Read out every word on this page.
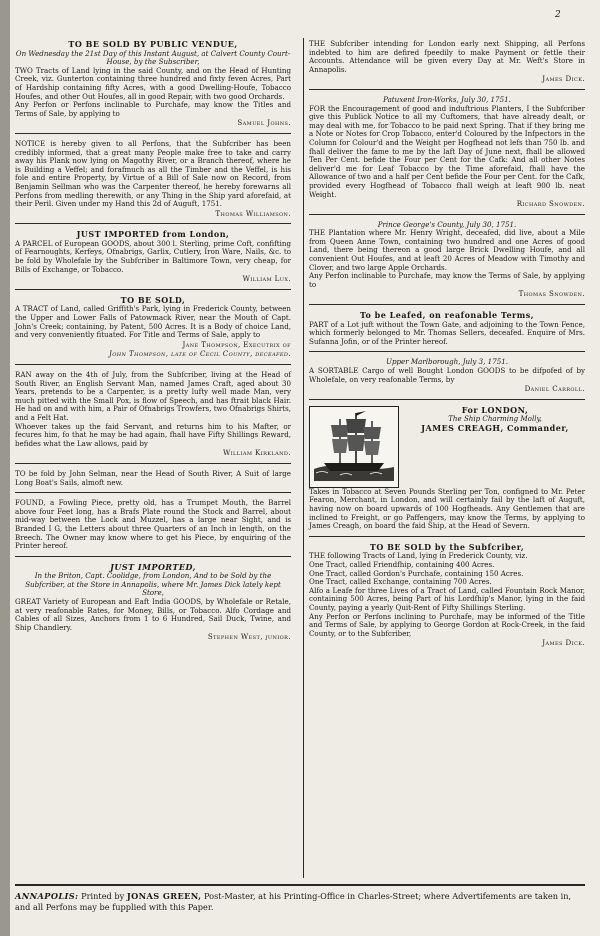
2
TO BE SOLD BY PUBLIC VENDUE,
On Wednesday the 21st Day of this Instant August, at Calvert County Court-House, by the Subscriber,
TWO Tracts of Land lying in the said County, and on the Head of Hunting Creek, viz. Gunterton containing three hundred and fixty feven Acres, Part of Hardship containing fifty Acres, with a good Dwelling-Houfe, Tobacco Houfes, and other Out Houfes, all in good Repair, with two good Orchards.
Any Perfon or Perfons inclinable to Purchafe, may know the Titles and Terms of Sale, by applying to
Samuel Johns.
NOTICE is hereby given to all Perfons, that the Subfcriber has been credibly informed, that a great many People make free to take and carry away his Plank now lying on Magothy River, or a Branch thereof, where he is Building a Veffel; and forafmuch as all the Timber and the Veffel, is his fole and entire Property, by Virtue of a Bill of Sale now on Record, from Benjamin Sellman who was the Carpenter thereof, he hereby forewarns all Perfons from medling therewith, or any Thing in the Ship yard aforefaid, at their Peril. Given under my Hand this 2d of Auguft, 1751.
Thomas Williamson.
JUST IMPORTED from London,
A PARCEL of European GOODS, about 300 l. Sterling, prime Coft, confifting of Fearnoughts, Kerfeys, Ofnabrigs, Garlix, Cutlery, Iron Ware, Nails, &c. to be fold by Wholefale by the Subfcriber in Baltimore Town, very cheap, for Bills of Exchange, or Tobacco.
William Lux.
TO BE SOLD,
A TRACT of Land, called Griffith's Park, lying in Frederick County, between the Upper and Lower Falls of Patowmack River, near the Mouth of Capt. John's Creek; containing, by Patent, 500 Acres. It is a Body of choice Land, and very conveniently fituated. For Title and Terms of Sale, apply to
Jane Thompson, Executrix of
John Thompson, late of Cecil County, deceafed.
RAN away on the 4th of July, from the Subfcriber, living at the Head of South River, an English Servant Man, named James Craft, aged about 30 Years, pretends to be a Carpenter, is a pretty lufty well made Man, very much pitted with the Small Pox, is flow of Speech, and has ftrait black Hair. He had on and with him, a Pair of Ofnabrigs Trowfers, two Ofnabrigs Shirts, and a Felt Hat.
Whoever takes up the faid Servant, and returns him to his Mafter, or fecures him, fo that he may be had again, fhall have Fifty Shillings Reward, befides what the Law allows, paid by
William Kirkland.
TO be fold by John Selman, near the Head of South River, A Suit of large Long Boat's Sails, almoft new.
FOUND, a Fowling Piece, pretty old, has a Trumpet Mouth, the Barrel above four Feet long, has a Brafs Plate round the Stock and Barrel, about mid-way between the Lock and Muzzel, has a large near Sight, and is Branded I G, the Letters about three Quarters of an Inch in length, on the Breech. The Owner may know where to get his Piece, by enquiring of the Printer hereof.
JUST IMPORTED,
In the Briton, Capt. Coolidge, from London, And to be Sold by the Subfcriber, at the Store in Annapolis, where Mr. James Dick lately kept Store,
GREAT Variety of European and Eaft India GOODS, by Wholefale or Retale, at very reafonable Rates, for Money, Bills, or Tobacco. Alfo Cordage and Cables of all Sizes, Anchors from 1 to 6 Hundred, Sail Duck, Twine, and Ship Chandlery.
Stephen West, junior.
THE Subfcriber intending for London early next Shipping, all Perfons indebted to him are defired fpeedily to make Payment or fettle their Accounts. Attendance will be given every Day at Mr. Weft's Store in Annapolis.
James Dick.
Patuxent Iron-Works, July 30, 1751.
FOR the Encouragement of good and induftrious Planters, I the Subfcriber give this Publick Notice to all my Cuftomers, that have already dealt, or may deal with me, for Tobacco to be paid next Spring. That if they bring me a Note or Notes for Crop Tobacco, enter'd Coloured by the Infpectors in the Column for Colour'd and the Weight per Hogfhead not lefs than 750 lb. and fhall deliver the fame to me by the laft Day of June next, fhall be allowed Ten Per Cent. befide the Four per Cent for the Cafk: And all other Notes deliver'd me for Leaf Tobacco by the Time aforefaid, fhall have the Allowance of two and a half per Cent befide the Four per Cent. for the Cafk, provided every Hogfhead of Tobacco fhall weigh at leaft 900 lb. neat Weight.
Richard Snowden.
Prince George's County, July 30, 1751.
THE Plantation where Mr. Henry Wright, deceafed, did live, about a Mile from Queen Anne Town, containing two hundred and one Acres of good Land, there being thereon a good large Brick Dwelling Houfe, and all convenient Out Houfes, and at leaft 20 Acres of Meadow with Timothy and Clover, and two large Apple Orchards.
Any Perfon inclinable to Purchafe, may know the Terms of Sale, by applying to
Thomas Snowden.
To be Leafed, on reafonable Terms,
PART of a Lot juft without the Town Gate, and adjoining to the Town Fence, which formerly belonged to Mr. Thomas Sellers, deceafed. Enquire of Mrs. Sufanna Jofin, or of the Printer hereof.
Upper Marlborough, July 3, 1751.
A SORTABLE Cargo of well Bought London GOODS to be difpofed of by Wholefale, on very reafonable Terms, by
Daniel Carroll.
For LONDON,
The Ship Charming Molly,
JAMES CREAGH, Commander,
Takes in Tobacco at Seven Pounds Sterling per Ton, configned to Mr. Peter Fearon, Merchant, in London, and will certainly fail by the laft of Auguft, having now on board upwards of 100 Hogfheads. Any Gentlemen that are inclined to Freight, or go Paffengers, may know the Terms, by applying to James Creagh, on board the faid Ship, at the Head of Severn.
TO BE SOLD by the Subfcriber,
THE following Tracts of Land, lying in Frederick County, viz.
One Tract, called Friendfhip, containing 400 Acres.
One Tract, called Gordon's Purchafe, containing 150 Acres.
One Tract, called Exchange, containing 700 Acres.
Alfo a Leafe for three Lives of a Tract of Land, called Fountain Rock Manor, containing 500 Acres, being Part of his Lordfhip's Manor, lying in the faid County, paying a yearly Quit-Rent of Fifty Shillings Sterling.
Any Perfon or Perfons inclining to Purchafe, may be informed of the Title and Terms of Sale, by applying to George Gordon at Rock-Creek, in the faid County, or to the Subfcriber,
James Dick.
ANNAPOLIS: Printed by JONAS GREEN, Post-Master, at his Printing-Office in Charles-Street; where Advertifements are taken in, and all Perfons may be fupplied with this Paper.
